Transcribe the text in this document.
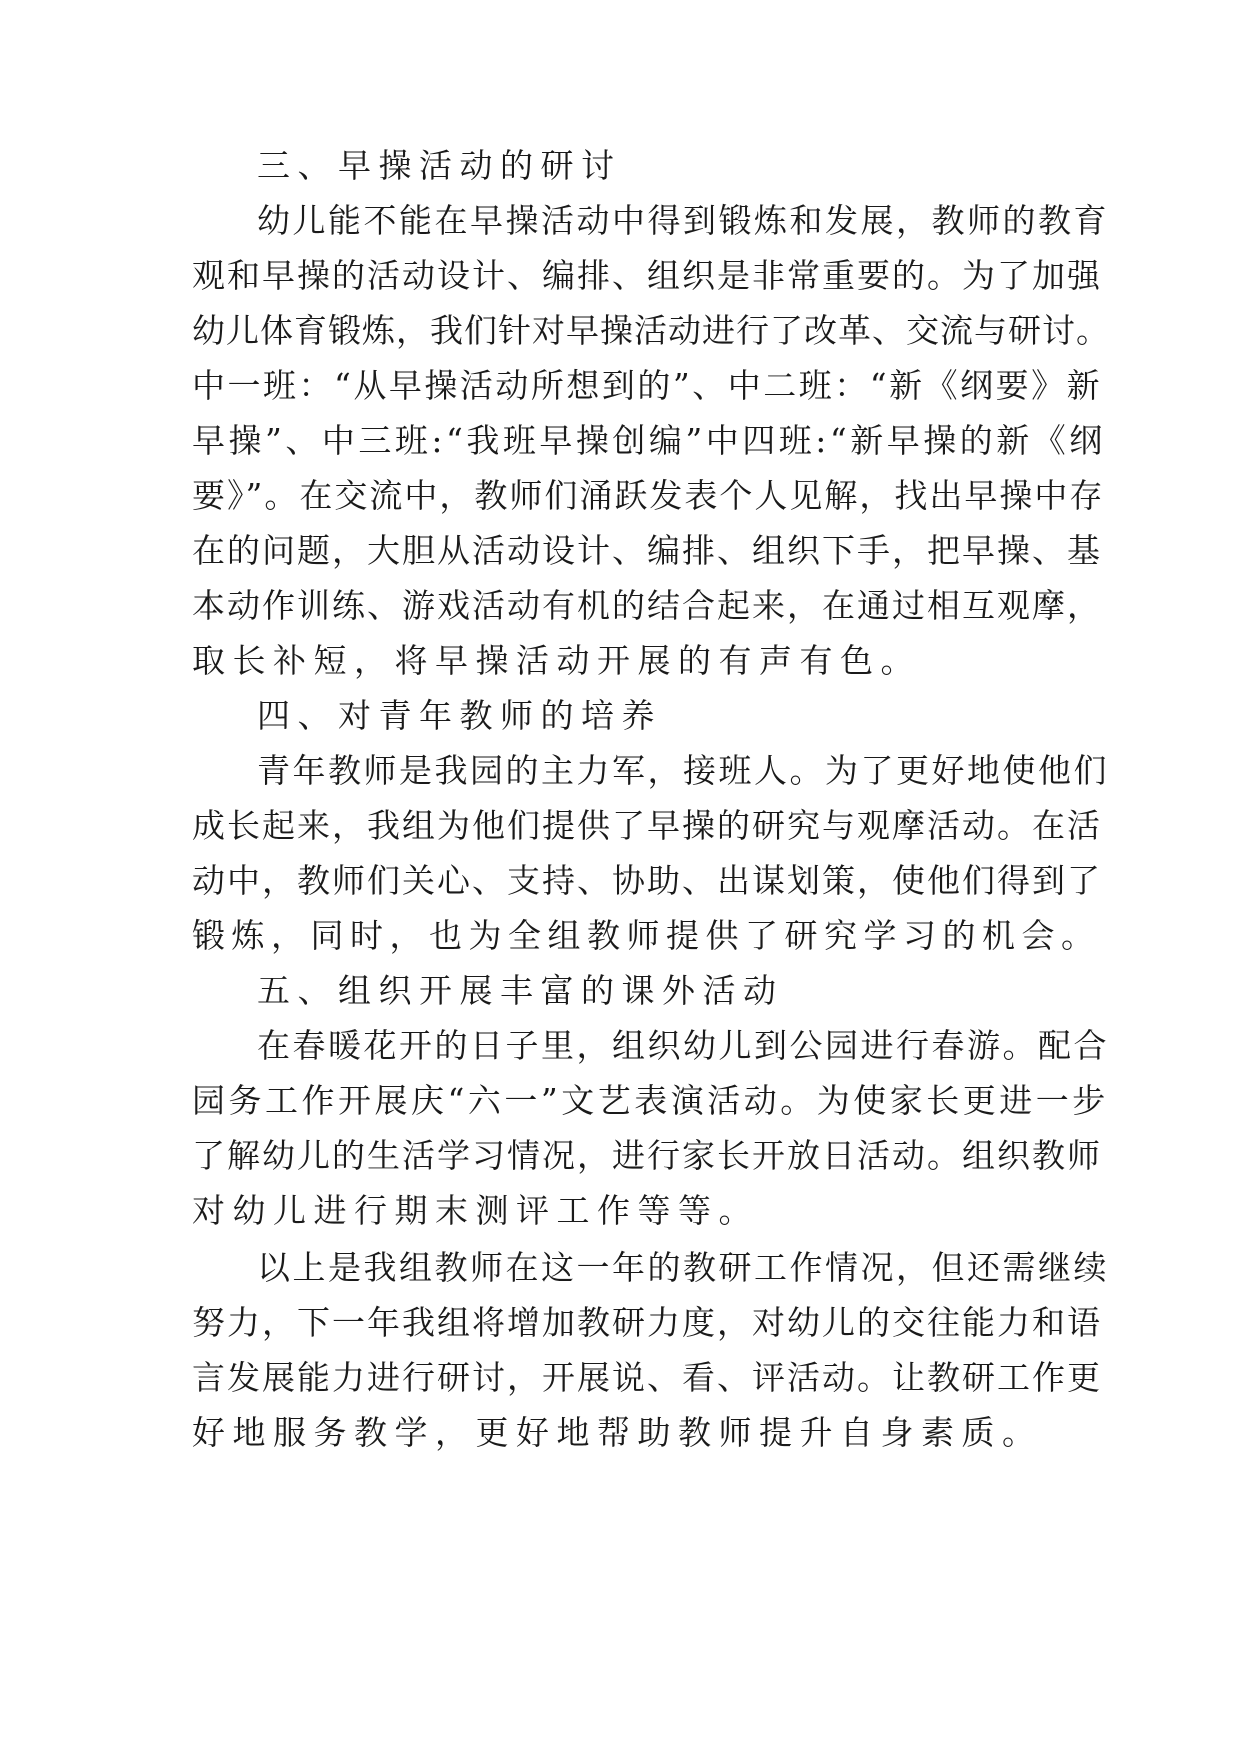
三、早操活动的研讨
幼儿能不能在早操活动中得到锻炼和发展，教师的教育
观和早操的活动设计、编排、组织是非常重要的。为了加强
幼儿体育锻炼，我们针对早操活动进行了改革、交流与研讨。
中一班：“从早操活动所想到的”、中二班：“新《纲要》新
早操”、中三班:“我班早操创编”中四班:“新早操的新《纲
要》”。在交流中，教师们涌跃发表个人见解，找出早操中存
在的问题，大胆从活动设计、编排、组织下手，把早操、基
本动作训练、游戏活动有机的结合起来，在通过相互观摩，
取长补短，将早操活动开展的有声有色。
四、对青年教师的培养
青年教师是我园的主力军，接班人。为了更好地使他们
成长起来，我组为他们提供了早操的研究与观摩活动。在活
动中，教师们关心、支持、协助、出谋划策，使他们得到了
锻炼，同时，也为全组教师提供了研究学习的机会。
五、组织开展丰富的课外活动
在春暖花开的日子里，组织幼儿到公园进行春游。配合
园务工作开展庆“六一”文艺表演活动。为使家长更进一步
了解幼儿的生活学习情况，进行家长开放日活动。组织教师
对幼儿进行期末测评工作等等。
以上是我组教师在这一年的教研工作情况，但还需继续
努力，下一年我组将增加教研力度，对幼儿的交往能力和语
言发展能力进行研讨，开展说、看、评活动。让教研工作更
好地服务教学，更好地帮助教师提升自身素质。
